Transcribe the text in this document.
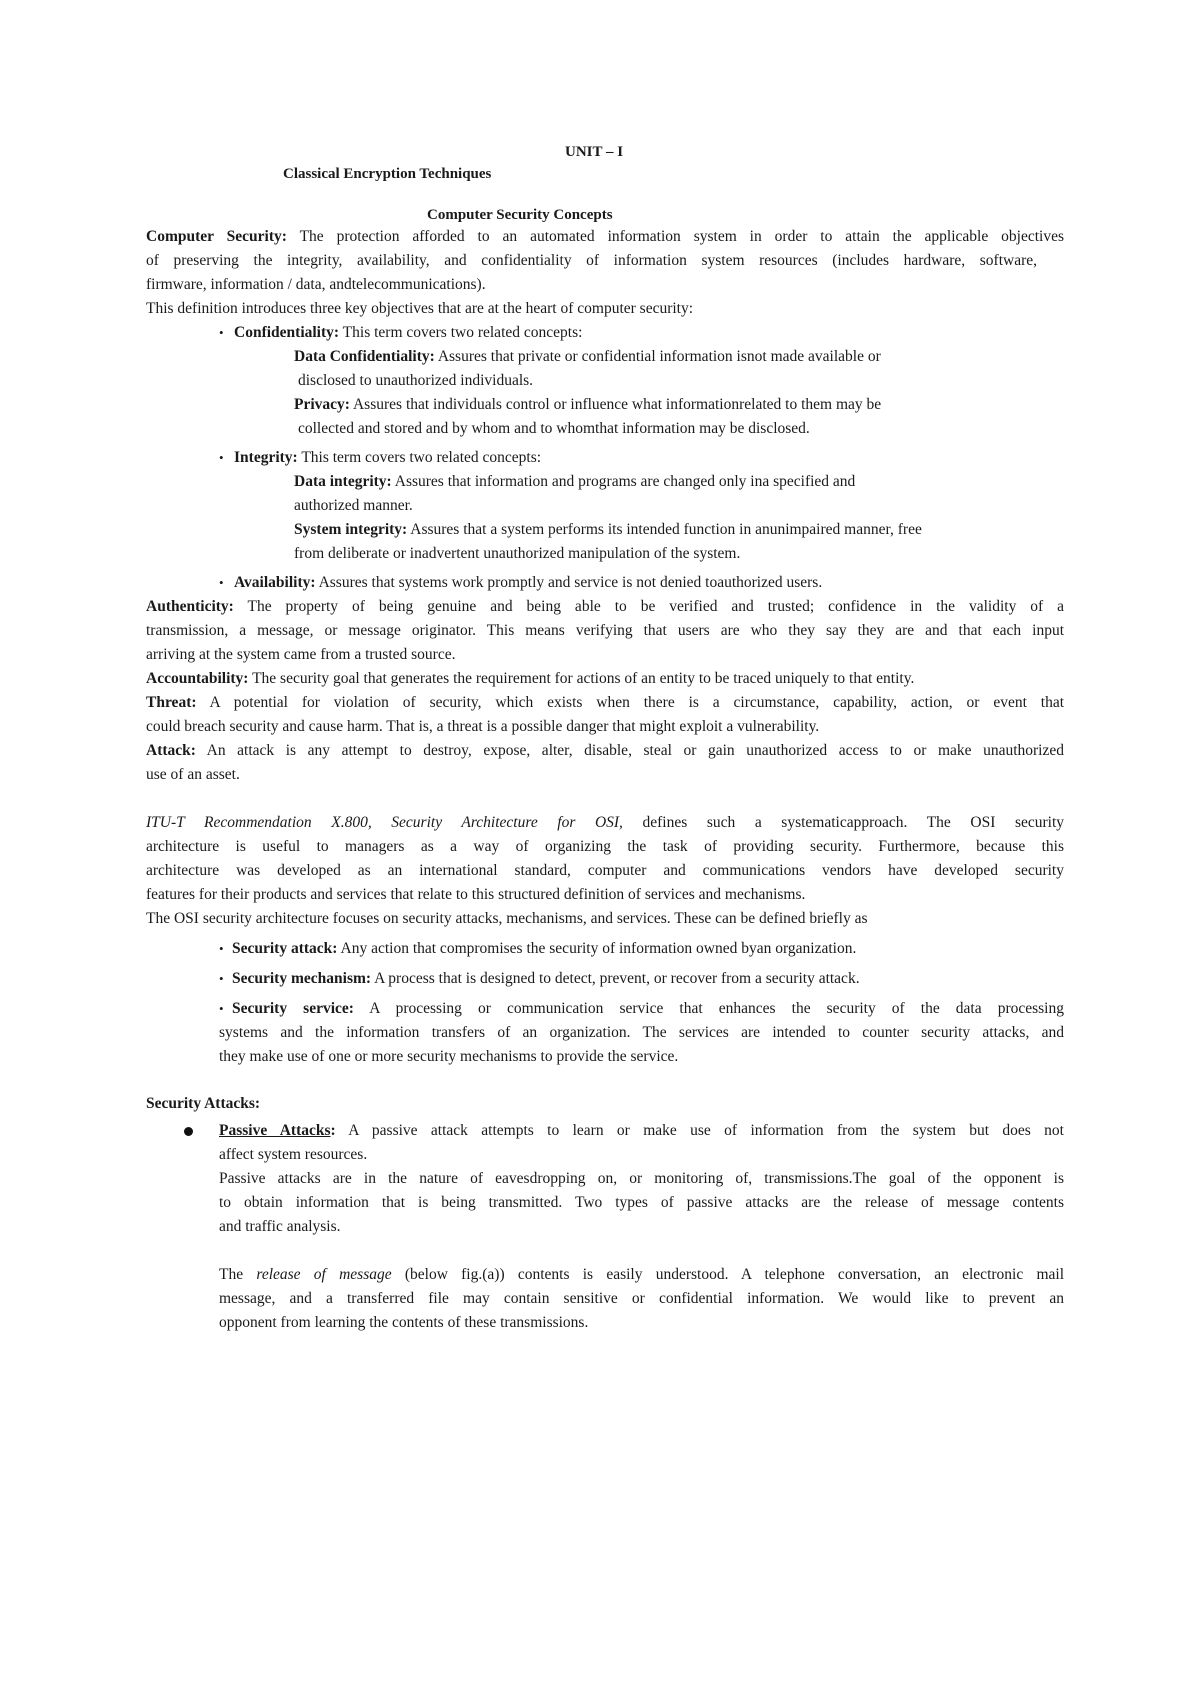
UNIT – I
Classical Encryption Techniques
Computer Security Concepts
Computer Security: The protection afforded to an automated information system in order to attain the applicable objectives
of preserving the integrity, availability, and confidentiality of information system resources (includes hardware, software,
firmware, information / data, andtelecommunications).
This definition introduces three key objectives that are at the heart of computer security:
• Confidentiality: This term covers two related concepts:
Data Confidentiality: Assures that private or confidential information isnot made available or
disclosed to unauthorized individuals.
Privacy: Assures that individuals control or influence what informationrelated to them may be
collected and stored and by whom and to whomthat information may be disclosed.
• Integrity: This term covers two related concepts:
Data integrity: Assures that information and programs are changed only ina specified and
authorized manner.
System integrity: Assures that a system performs its intended function in anunimpaired manner, free
from deliberate or inadvertent unauthorized manipulation of the system.
• Availability: Assures that systems work promptly and service is not denied toauthorized users.
Authenticity: The property of being genuine and being able to be verified and trusted; confidence in the validity of a
transmission, a message, or message originator. This means verifying that users are who they say they are and that each input
arriving at the system came from a trusted source.
Accountability: The security goal that generates the requirement for actions of an entity to be traced uniquely to that entity.
Threat: A potential for violation of security, which exists when there is a circumstance, capability, action, or event that
could breach security and cause harm. That is, a threat is a possible danger that might exploit a vulnerability.
Attack: An attack is any attempt to destroy, expose, alter, disable, steal or gain unauthorized access to or make unauthorized
use of an asset.
ITU-T Recommendation X.800, Security Architecture for OSI, defines such a systematicapproach. The OSI security
architecture is useful to managers as a way of organizing the task of providing security. Furthermore, because this
architecture was developed as an international standard, computer and communications vendors have developed security
features for their products and services that relate to this structured definition of services and mechanisms.
The OSI security architecture focuses on security attacks, mechanisms, and services. These can be defined briefly as
• Security attack: Any action that compromises the security of information owned byan organization.
• Security mechanism: A process that is designed to detect, prevent, or recover from a security attack.
• Security service: A processing or communication service that enhances the security of the data processing
systems and the information transfers of an organization. The services are intended to counter security attacks, and
they make use of one or more security mechanisms to provide the service.
Security Attacks:
Passive Attacks: A passive attack attempts to learn or make use of information from the system but does not
affect system resources.
Passive attacks are in the nature of eavesdropping on, or monitoring of, transmissions.The goal of the opponent is
to obtain information that is being transmitted. Two types of passive attacks are the release of message contents
and traffic analysis.
The release of message (below fig.(a)) contents is easily understood. A telephone conversation, an electronic mail
message, and a transferred file may contain sensitive or confidential information. We would like to prevent an
opponent from learning the contents of these transmissions.
